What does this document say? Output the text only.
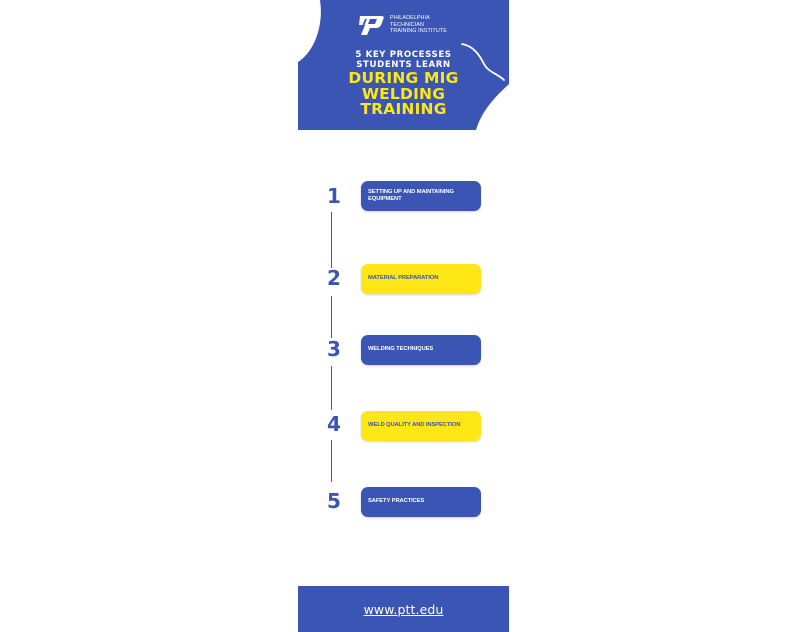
PHILADELPHIA
TECHNICIAN
TRAINING INSTITUTE
5 KEY PROCESSES
STUDENTS LEARN
DURING MIG
WELDING
TRAINING
1	SETTING UP AND MAINTAINING EQUIPMENT
2	MATERIAL PREPARATION
3	WELDING TECHNIQUES
4	WELD QUALITY AND INSPECTION
5	SAFETY PRACTICES
www.ptt.edu
